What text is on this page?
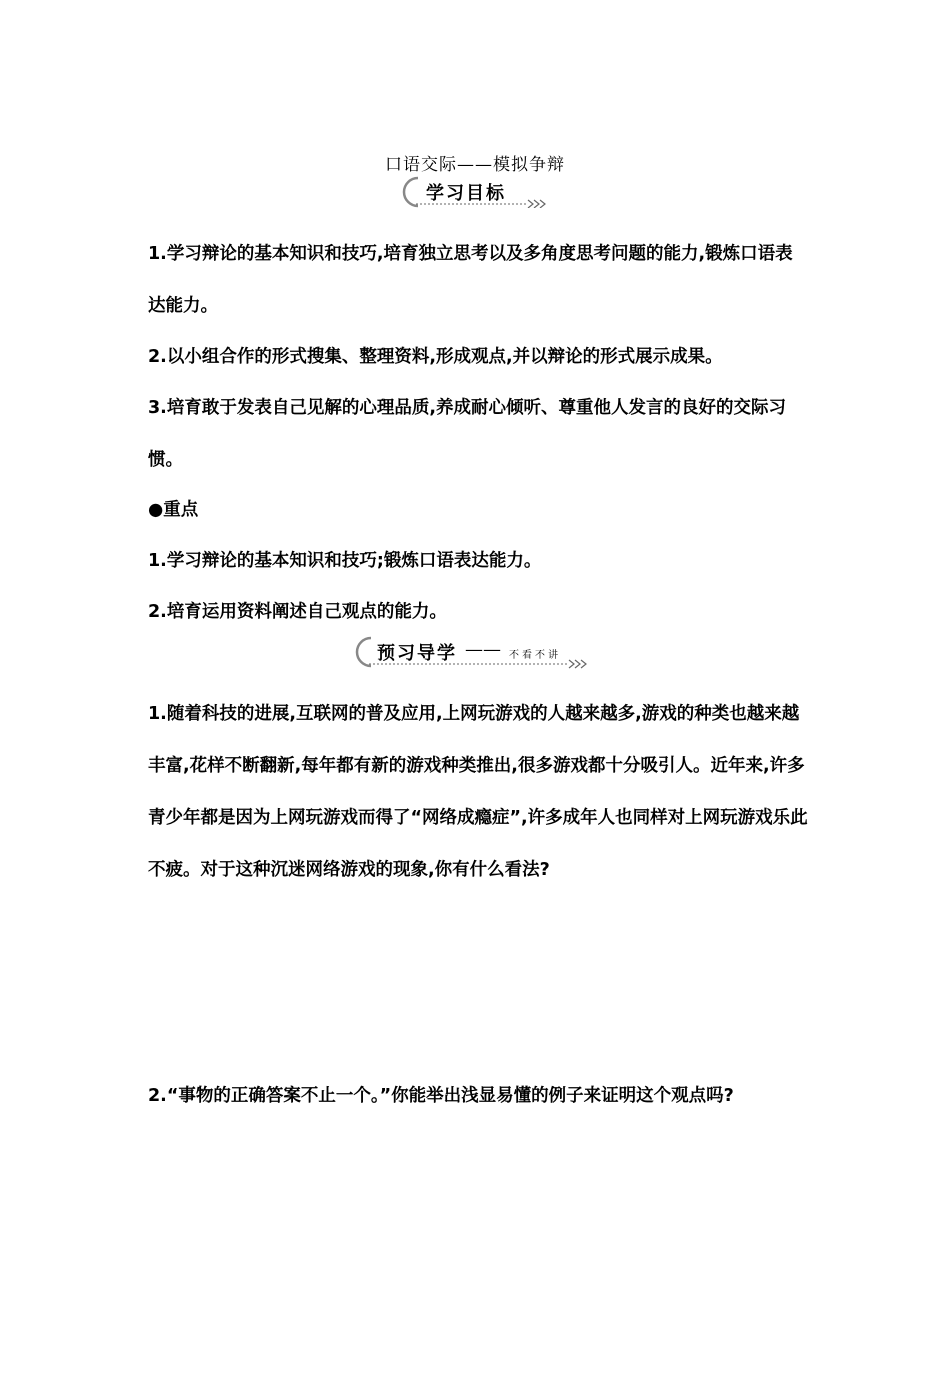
口语交际——模拟争辩
学习目标

1.学习辩论的基本知识和技巧,培育独立思考以及多角度思考问题的能力,锻炼口语表达能力。

2.以小组合作的形式搜集、整理资料,形成观点,并以辩论的形式展示成果。

3.培育敢于发表自己见解的心理品质,养成耐心倾听、尊重他人发言的良好的交际习惯。

●重点

1.学习辩论的基本知识和技巧;锻炼口语表达能力。

2.培育运用资料阐述自己观点的能力。

预习导学 —— 不看不讲

1.随着科技的进展,互联网的普及应用,上网玩游戏的人越来越多,游戏的种类也越来越丰富,花样不断翻新,每年都有新的游戏种类推出,很多游戏都十分吸引人。近年来,许多青少年都是因为上网玩游戏而得了“网络成瘾症”,许多成年人也同样对上网玩游戏乐此不疲。对于这种沉迷网络游戏的现象,你有什么看法?

2.“事物的正确答案不止一个。”你能举出浅显易懂的例子来证明这个观点吗?
